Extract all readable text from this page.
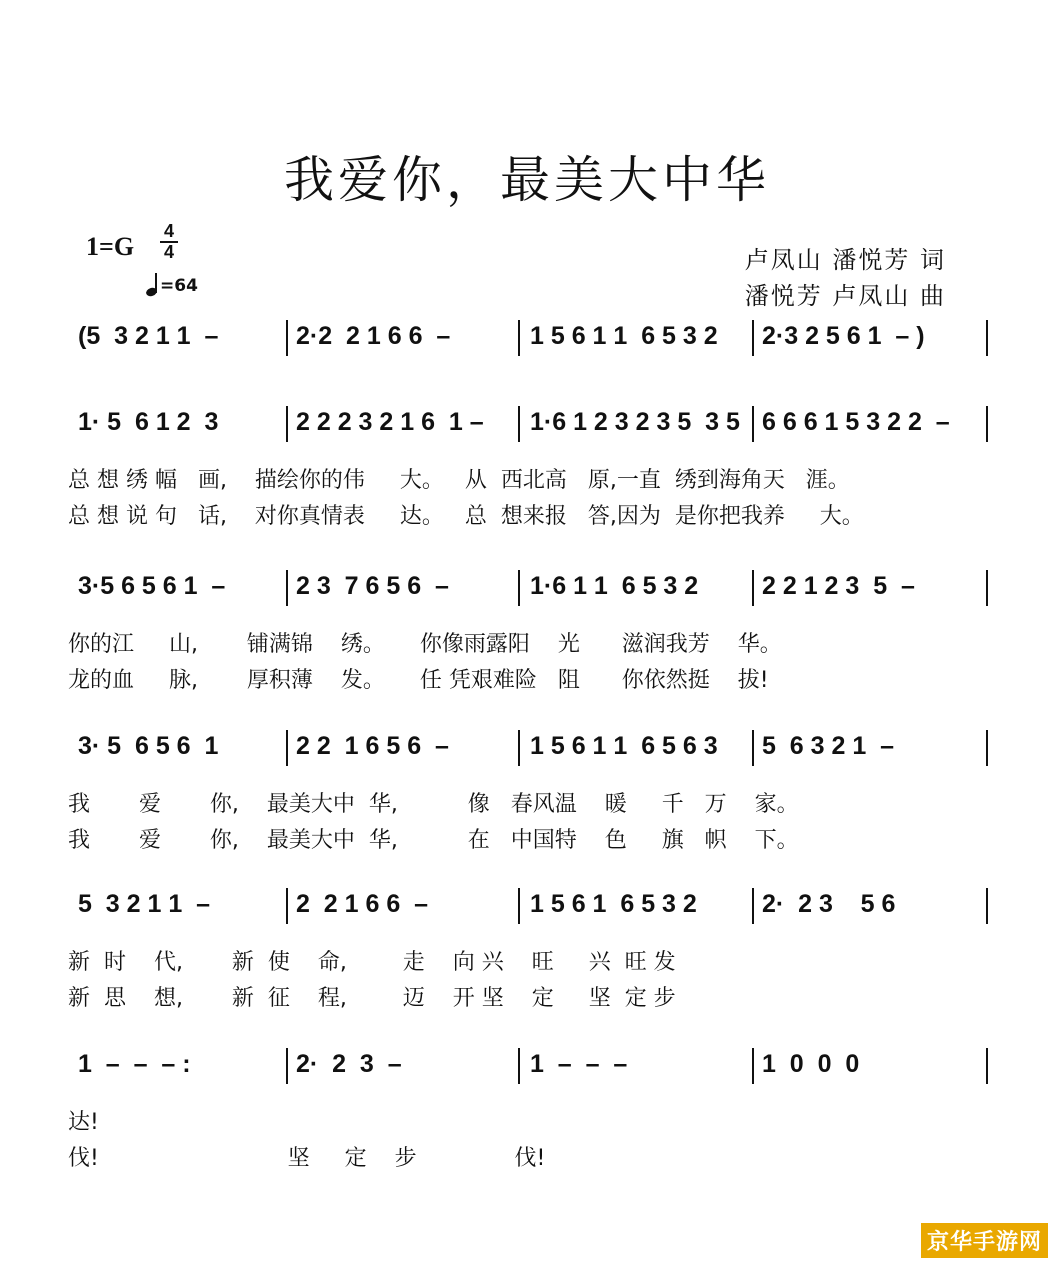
我爱你，最美大中华
1=G
4
4
=64
卢凤山 潘悦芳 词
潘悦芳 卢凤山 曲
(5  3 2 1 1  –	2·2  2 1 6 6  –	1 5 6 1 1  6 5 3 2 2·3 2 5 6 1  – )
1· 5  6 1 2  3	2 2 2 3 2 1 6  1 – 1·6 1 2 3 2 3 5  3 5 6 6 6 1 5 3 2 2  –
总 想 绣 幅   画,    描绘你的伟     大。   从  西北高   原,一直  绣到海角天   涯。
总 想 说 句   话,    对你真情表     达。   总  想来报   答,因为  是你把我养     大。
3·5 6 5 6 1  –	2 3  7 6 5 6  –	1·6 1 1  6 5 3 2	2 2 1 2 3  5  –
你的江     山,       铺满锦    绣。     你像雨露阳    光      滋润我芳    华。
龙的血     脉,       厚积薄    发。     任 凭艰难险   阻      你依然挺    拔!
3· 5  6 5 6  1	2 2  1 6 5 6  –	1 5 6 1 1  6 5 6 3 5  6 3 2 1  –
我       爱       你,    最美大中  华,          像   春风温    暖     千   万    家。
我       爱       你,    最美大中  华,          在   中国特    色     旗   帜    下。
5  3 2 1 1  –	2  2 1 6 6  –	1 5 6 1  6 5 3 2	2·  2 3    5 6
新  时    代,       新  使    命,        走    向 兴    旺     兴  旺 发
新  思    想,       新  征    程,        迈    开 坚    定     坚  定 步
1  –  –  – :	2·  2  3  –	1  –  –  –	1  0  0  0
达!
伐!                           坚     定    步              伐!
京华手游网
